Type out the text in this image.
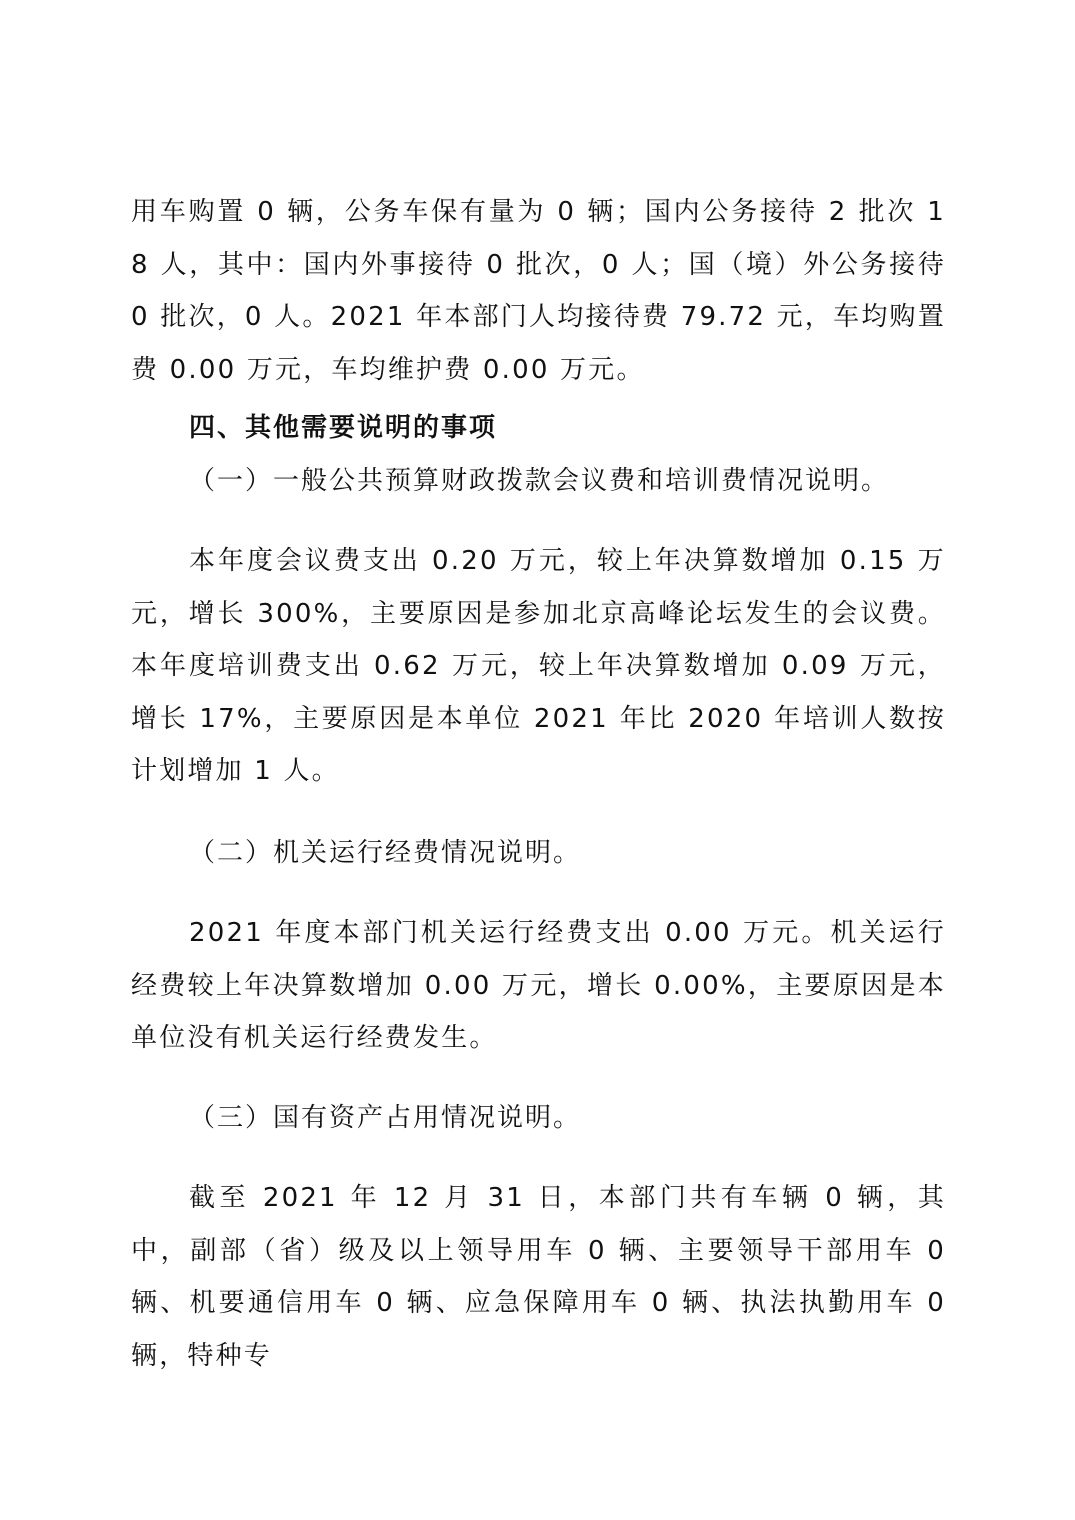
用车购置 0 辆，公务车保有量为 0 辆；国内公务接待 2 批次 18 人，其中：国内外事接待 0 批次，0 人；国（境）外公务接待 0 批次，0 人。2021 年本部门人均接待费 79.72 元，车均购置费 0.00 万元，车均维护费 0.00 万元。

四、其他需要说明的事项

（一）一般公共预算财政拨款会议费和培训费情况说明。

本年度会议费支出 0.20 万元，较上年决算数增加 0.15 万元，增长 300%，主要原因是参加北京高峰论坛发生的会议费。本年度培训费支出 0.62 万元，较上年决算数增加 0.09 万元，增长 17%，主要原因是本单位 2021 年比 2020 年培训人数按计划增加 1 人。

（二）机关运行经费情况说明。

2021 年度本部门机关运行经费支出 0.00 万元。机关运行经费较上年决算数增加 0.00 万元，增长 0.00%，主要原因是本单位没有机关运行经费发生。

（三）国有资产占用情况说明。

截至 2021 年 12 月 31 日，本部门共有车辆 0 辆，其中，副部（省）级及以上领导用车 0 辆、主要领导干部用车 0 辆、机要通信用车 0 辆、应急保障用车 0 辆、执法执勤用车 0 辆，特种专
